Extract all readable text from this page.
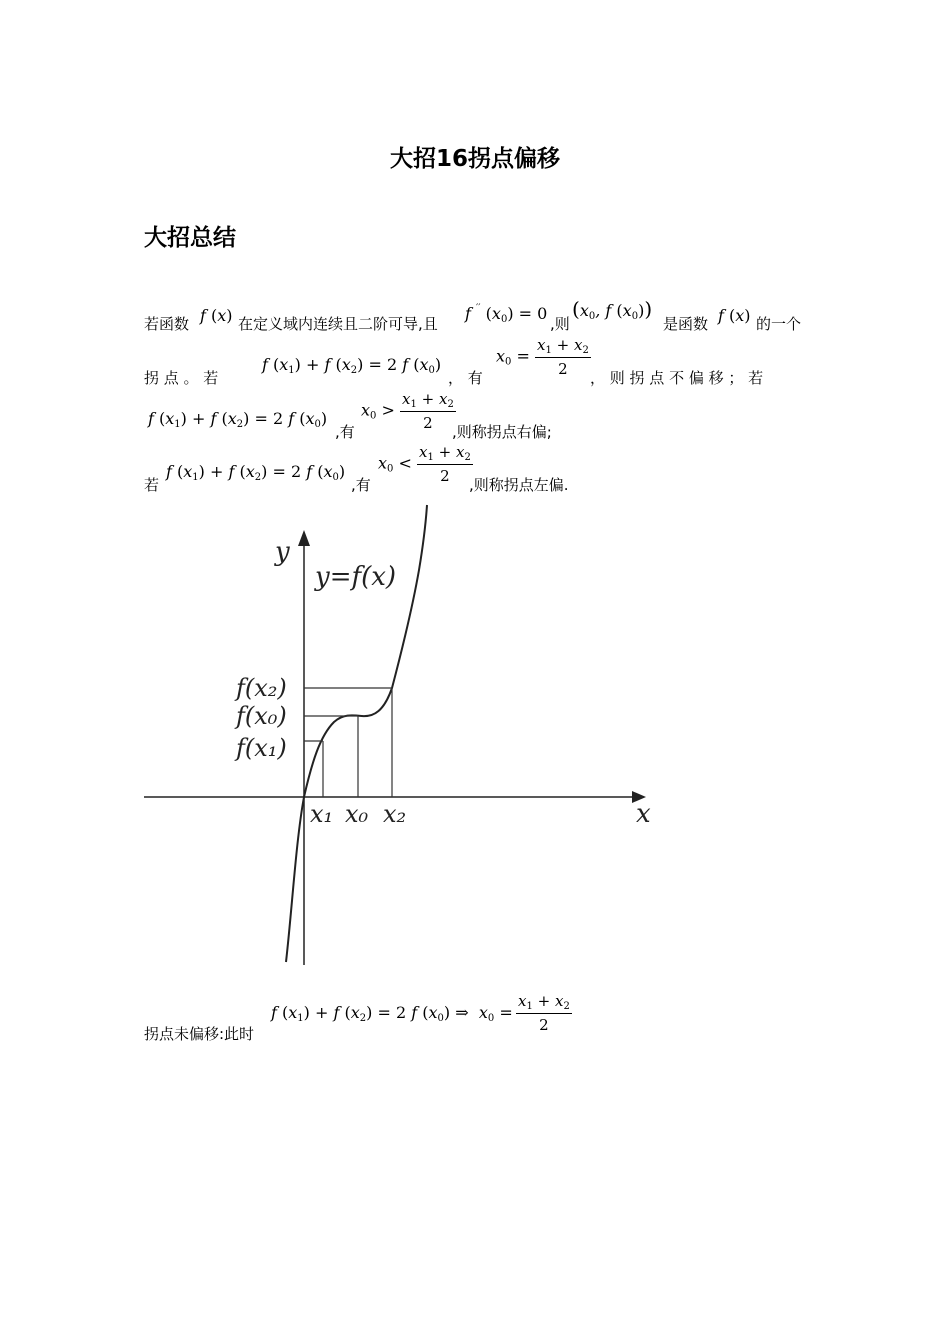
大招16拐点偏移
大招总结
若函数 f (x) 在定义域内连续且二阶可导,且
f ′′ $(x_0) = 0$
,则
($x_0$, f $(x_0)$)
是函数 f (x) 的一个
拐 点 。 若
f $(x_1) + f$ $(x_2) = 2$ f $(x_0)$
， 有
$x_0 = \frac{x_1 + x_2}{2}$ ， 则 拐 点 不 偏 移 ； 若
f $(x_1) + f$ $(x_2) = 2$ f $(x_0)$
,有
$x_0 > \frac{x_1 + x_2}{2}$
,则称拐点右偏;
若
f $(x_1) + f$ $(x_2) = 2$ f $(x_0)$
,有
$x_0 < \frac{x_1 + x_2}{2}$
,则称拐点左偏.
y
y=f(x)
f(x₂)
f(x₀)
f(x₁)
x₁ x₀ x₂	x
拐点未偏移:此时
f $(x_1) + f$ $(x_2) = 2$ f $(x_0)$ ⇒  $x_0 = \frac{x_1 + x_2}{2}$
